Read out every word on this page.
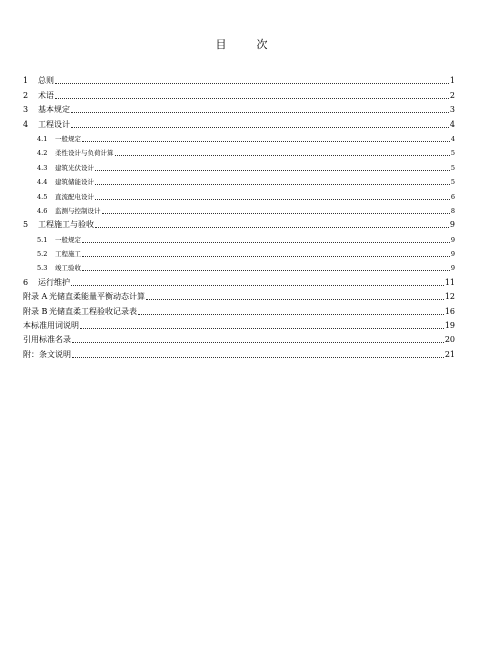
目	次
1	总则	1
2	术语	2
3	基本规定	3
4	工程设计	4
4.1	一般规定	4
4.2	柔性设计与负荷计算	5
4.3	建筑光伏设计	5
4.4	建筑储能设计	5
4.5	直流配电设计	6
4.6	监测与控制设计	8
5	工程施工与验收	9
5.1	一般规定	9
5.2	工程施工	9
5.3	竣工验收	9
6	运行维护	11
附录 A 光储直柔能量平衡动态计算	12
附录 B 光储直柔工程验收记录表	16
本标准用词说明	19
引用标准名录	20
附：条文说明	21
